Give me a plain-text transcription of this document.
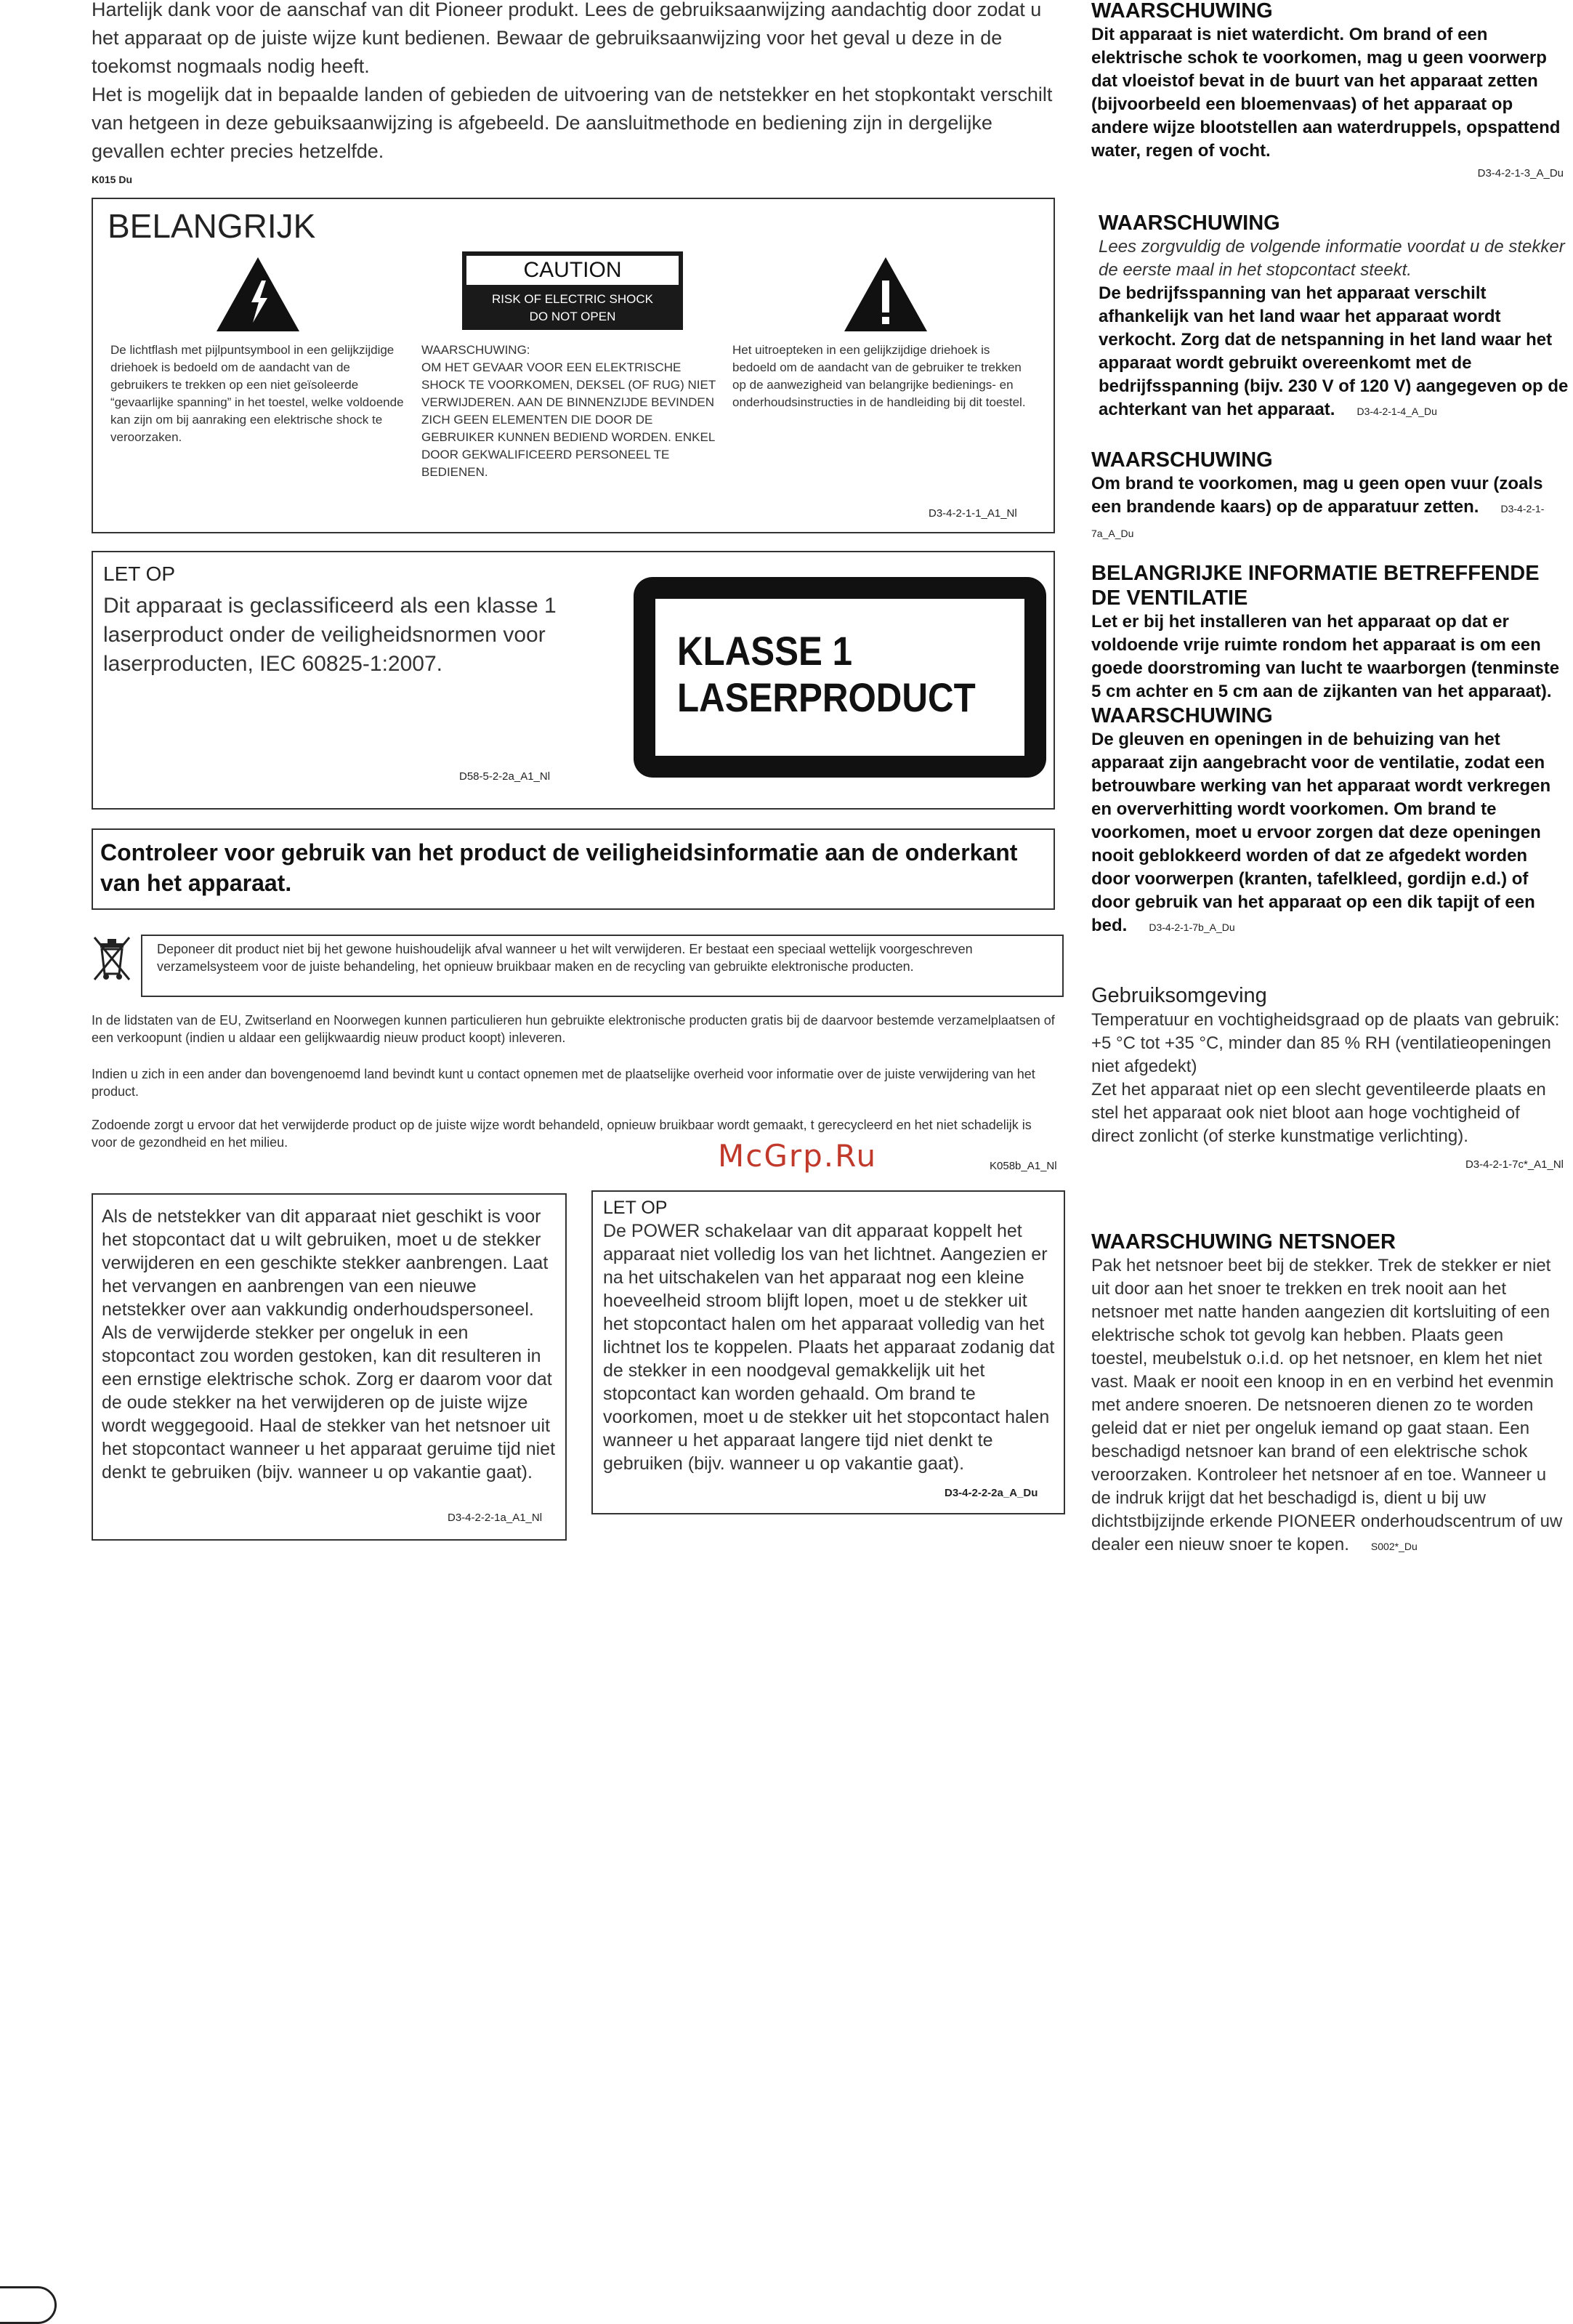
Hartelijk dank voor de aanschaf van dit Pioneer produkt. Lees de gebruiksaanwijzing aandachtig door zodat u het apparaat op de juiste wijze kunt bedienen. Bewaar de gebruiksaanwijzing voor het geval u deze in de toekomst nogmaals nodig heeft.

Het is mogelijk dat in bepaalde landen of gebieden de uitvoering van de netstekker en het stopkontakt verschilt van hetgeen in deze gebuiksaanwijzing is afgebeeld. De aansluitmethode en bediening zijn in dergelijke gevallen echter precies hetzelfde.

K015 Du
BELANGRIJK
CAUTION
RISK OF ELECTRIC SHOCK
DO NOT OPEN
De lichtflash met pijlpuntsymbool in een gelijkzijdige driehoek is bedoeld om de aandacht van de gebruikers te trekken op een niet geïsoleerde “gevaarlijke spanning” in het toestel, welke voldoende kan zijn om bij aanraking een elektrische shock te veroorzaken.
WAARSCHUWING:
OM HET GEVAAR VOOR EEN ELEKTRISCHE SHOCK TE VOORKOMEN, DEKSEL (OF RUG) NIET VERWIJDEREN. AAN DE BINNENZIJDE BEVINDEN ZICH GEEN ELEMENTEN DIE DOOR DE GEBRUIKER KUNNEN BEDIEND WORDEN. ENKEL DOOR GEKWALIFICEERD PERSONEEL TE BEDIENEN.
Het uitroepteken in een gelijkzijdige driehoek is bedoeld om de aandacht van de gebruiker te trekken op de aanwezigheid van belangrijke bedienings- en onderhoudsinstructies in de handleiding bij dit toestel.
D3-4-2-1-1_A1_Nl
LET OP
Dit apparaat is geclassificeerd als een klasse 1 laserproduct onder de veiligheidsnormen voor laserproducten, IEC 60825-1:2007.
D58-5-2-2a_A1_Nl
KLASSE 1
LASERPRODUCT
Controleer voor gebruik van het product de veiligheidsinformatie aan de onderkant van het apparaat.
Deponeer dit product niet bij het gewone huishoudelijk afval wanneer u het wilt verwijderen. Er bestaat een speciaal wettelijk voorgeschreven verzamelsysteem voor de juiste behandeling, het opnieuw bruikbaar maken en de recycling van gebruikte elektronische producten.
In de lidstaten van de EU, Zwitserland en Noorwegen kunnen particulieren hun gebruikte elektronische producten gratis bij de daarvoor bestemde verzamelplaatsen of een verkoopunt (indien u aldaar een gelijkwaardig nieuw product koopt) inleveren.
Indien u zich in een ander dan bovengenoemd land bevindt kunt u contact opnemen met de plaatselijke overheid voor informatie over de juiste verwijdering van het product.
Zodoende zorgt u ervoor dat het verwijderde product op de juiste wijze wordt behandeld, opnieuw bruikbaar wordt gemaakt, t gerecycleerd en het niet schadelijk is voor de gezondheid en het milieu.
K058b_A1_Nl
McGrp.Ru
Als de netstekker van dit apparaat niet geschikt is voor het stopcontact dat u wilt gebruiken, moet u de stekker verwijderen en een geschikte stekker aanbrengen. Laat het vervangen en aanbrengen van een nieuwe netstekker over aan vakkundig onderhoudspersoneel. Als de verwijderde stekker per ongeluk in een stopcontact zou worden gestoken, kan dit resulteren in een ernstige elektrische schok. Zorg er daarom voor dat de oude stekker na het verwijderen op de juiste wijze wordt weggegooid. Haal de stekker van het netsnoer uit het stopcontact wanneer u het apparaat geruime tijd niet denkt te gebruiken (bijv. wanneer u op vakantie gaat).
D3-4-2-2-1a_A1_Nl
LET OP
De POWER schakelaar van dit apparaat koppelt het apparaat niet volledig los van het lichtnet. Aangezien er na het uitschakelen van het apparaat nog een kleine hoeveelheid stroom blijft lopen, moet u de stekker uit het stopcontact halen om het apparaat volledig van het lichtnet los te koppelen. Plaats het apparaat zodanig dat de stekker in een noodgeval gemakkelijk uit het stopcontact kan worden gehaald. Om brand te voorkomen, moet u de stekker uit het stopcontact halen wanneer u het apparaat langere tijd niet denkt te gebruiken (bijv. wanneer u op vakantie gaat).
D3-4-2-2-2a_A_Du
WAARSCHUWING
Dit apparaat is niet waterdicht. Om brand of een elektrische schok te voorkomen, mag u geen voorwerp dat vloeistof bevat in de buurt van het apparaat zetten (bijvoorbeeld een bloemenvaas) of het apparaat op andere wijze blootstellen aan waterdruppels, opspattend water, regen of vocht.
D3-4-2-1-3_A_Du
WAARSCHUWING
Lees zorgvuldig de volgende informatie voordat u de stekker de eerste maal in het stopcontact steekt.
De bedrijfsspanning van het apparaat verschilt afhankelijk van het land waar het apparaat wordt verkocht. Zorg dat de netspanning in het land waar het apparaat wordt gebruikt overeenkomt met de bedrijfsspanning (bijv. 230 V of 120 V) aangegeven op de achterkant van het apparaat. D3-4-2-1-4_A_Du
WAARSCHUWING
Om brand te voorkomen, mag u geen open vuur (zoals een brandende kaars) op de apparatuur zetten. D3-4-2-1-7a_A_Du
BELANGRIJKE INFORMATIE BETREFFENDE DE VENTILATIE
Let er bij het installeren van het apparaat op dat er voldoende vrije ruimte rondom het apparaat is om een goede doorstroming van lucht te waarborgen (tenminste 5 cm achter en 5 cm aan de zijkanten van het apparaat).
WAARSCHUWING
De gleuven en openingen in de behuizing van het apparaat zijn aangebracht voor de ventilatie, zodat een betrouwbare werking van het apparaat wordt verkregen en oververhitting wordt voorkomen. Om brand te voorkomen, moet u ervoor zorgen dat deze openingen nooit geblokkeerd worden of dat ze afgedekt worden door voorwerpen (kranten, tafelkleed, gordijn e.d.) of door gebruik van het apparaat op een dik tapijt of een bed. D3-4-2-1-7b_A_Du
Gebruiksomgeving
Temperatuur en vochtigheidsgraad op de plaats van gebruik:
+5 °C tot +35 °C, minder dan 85 % RH (ventilatieopeningen niet afgedekt)
Zet het apparaat niet op een slecht geventileerde plaats en stel het apparaat ook niet bloot aan hoge vochtigheid of direct zonlicht (of sterke kunstmatige verlichting).
D3-4-2-1-7c*_A1_Nl
WAARSCHUWING NETSNOER
Pak het netsnoer beet bij de stekker. Trek de stekker er niet uit door aan het snoer te trekken en trek nooit aan het netsnoer met natte handen aangezien dit kortsluiting of een elektrische schok tot gevolg kan hebben. Plaats geen toestel, meubelstuk o.i.d. op het netsnoer, en klem het niet vast. Maak er nooit een knoop in en en verbind het evenmin met andere snoeren. De netsnoeren dienen zo te worden geleid dat er niet per ongeluk iemand op gaat staan. Een beschadigd netsnoer kan brand of een elektrische schok veroorzaken. Kontroleer het netsnoer af en toe. Wanneer u de indruk krijgt dat het beschadigd is, dient u bij uw dichtstbijzijnde erkende PIONEER onderhoudscentrum of uw dealer een nieuw snoer te kopen. S002*_Du
